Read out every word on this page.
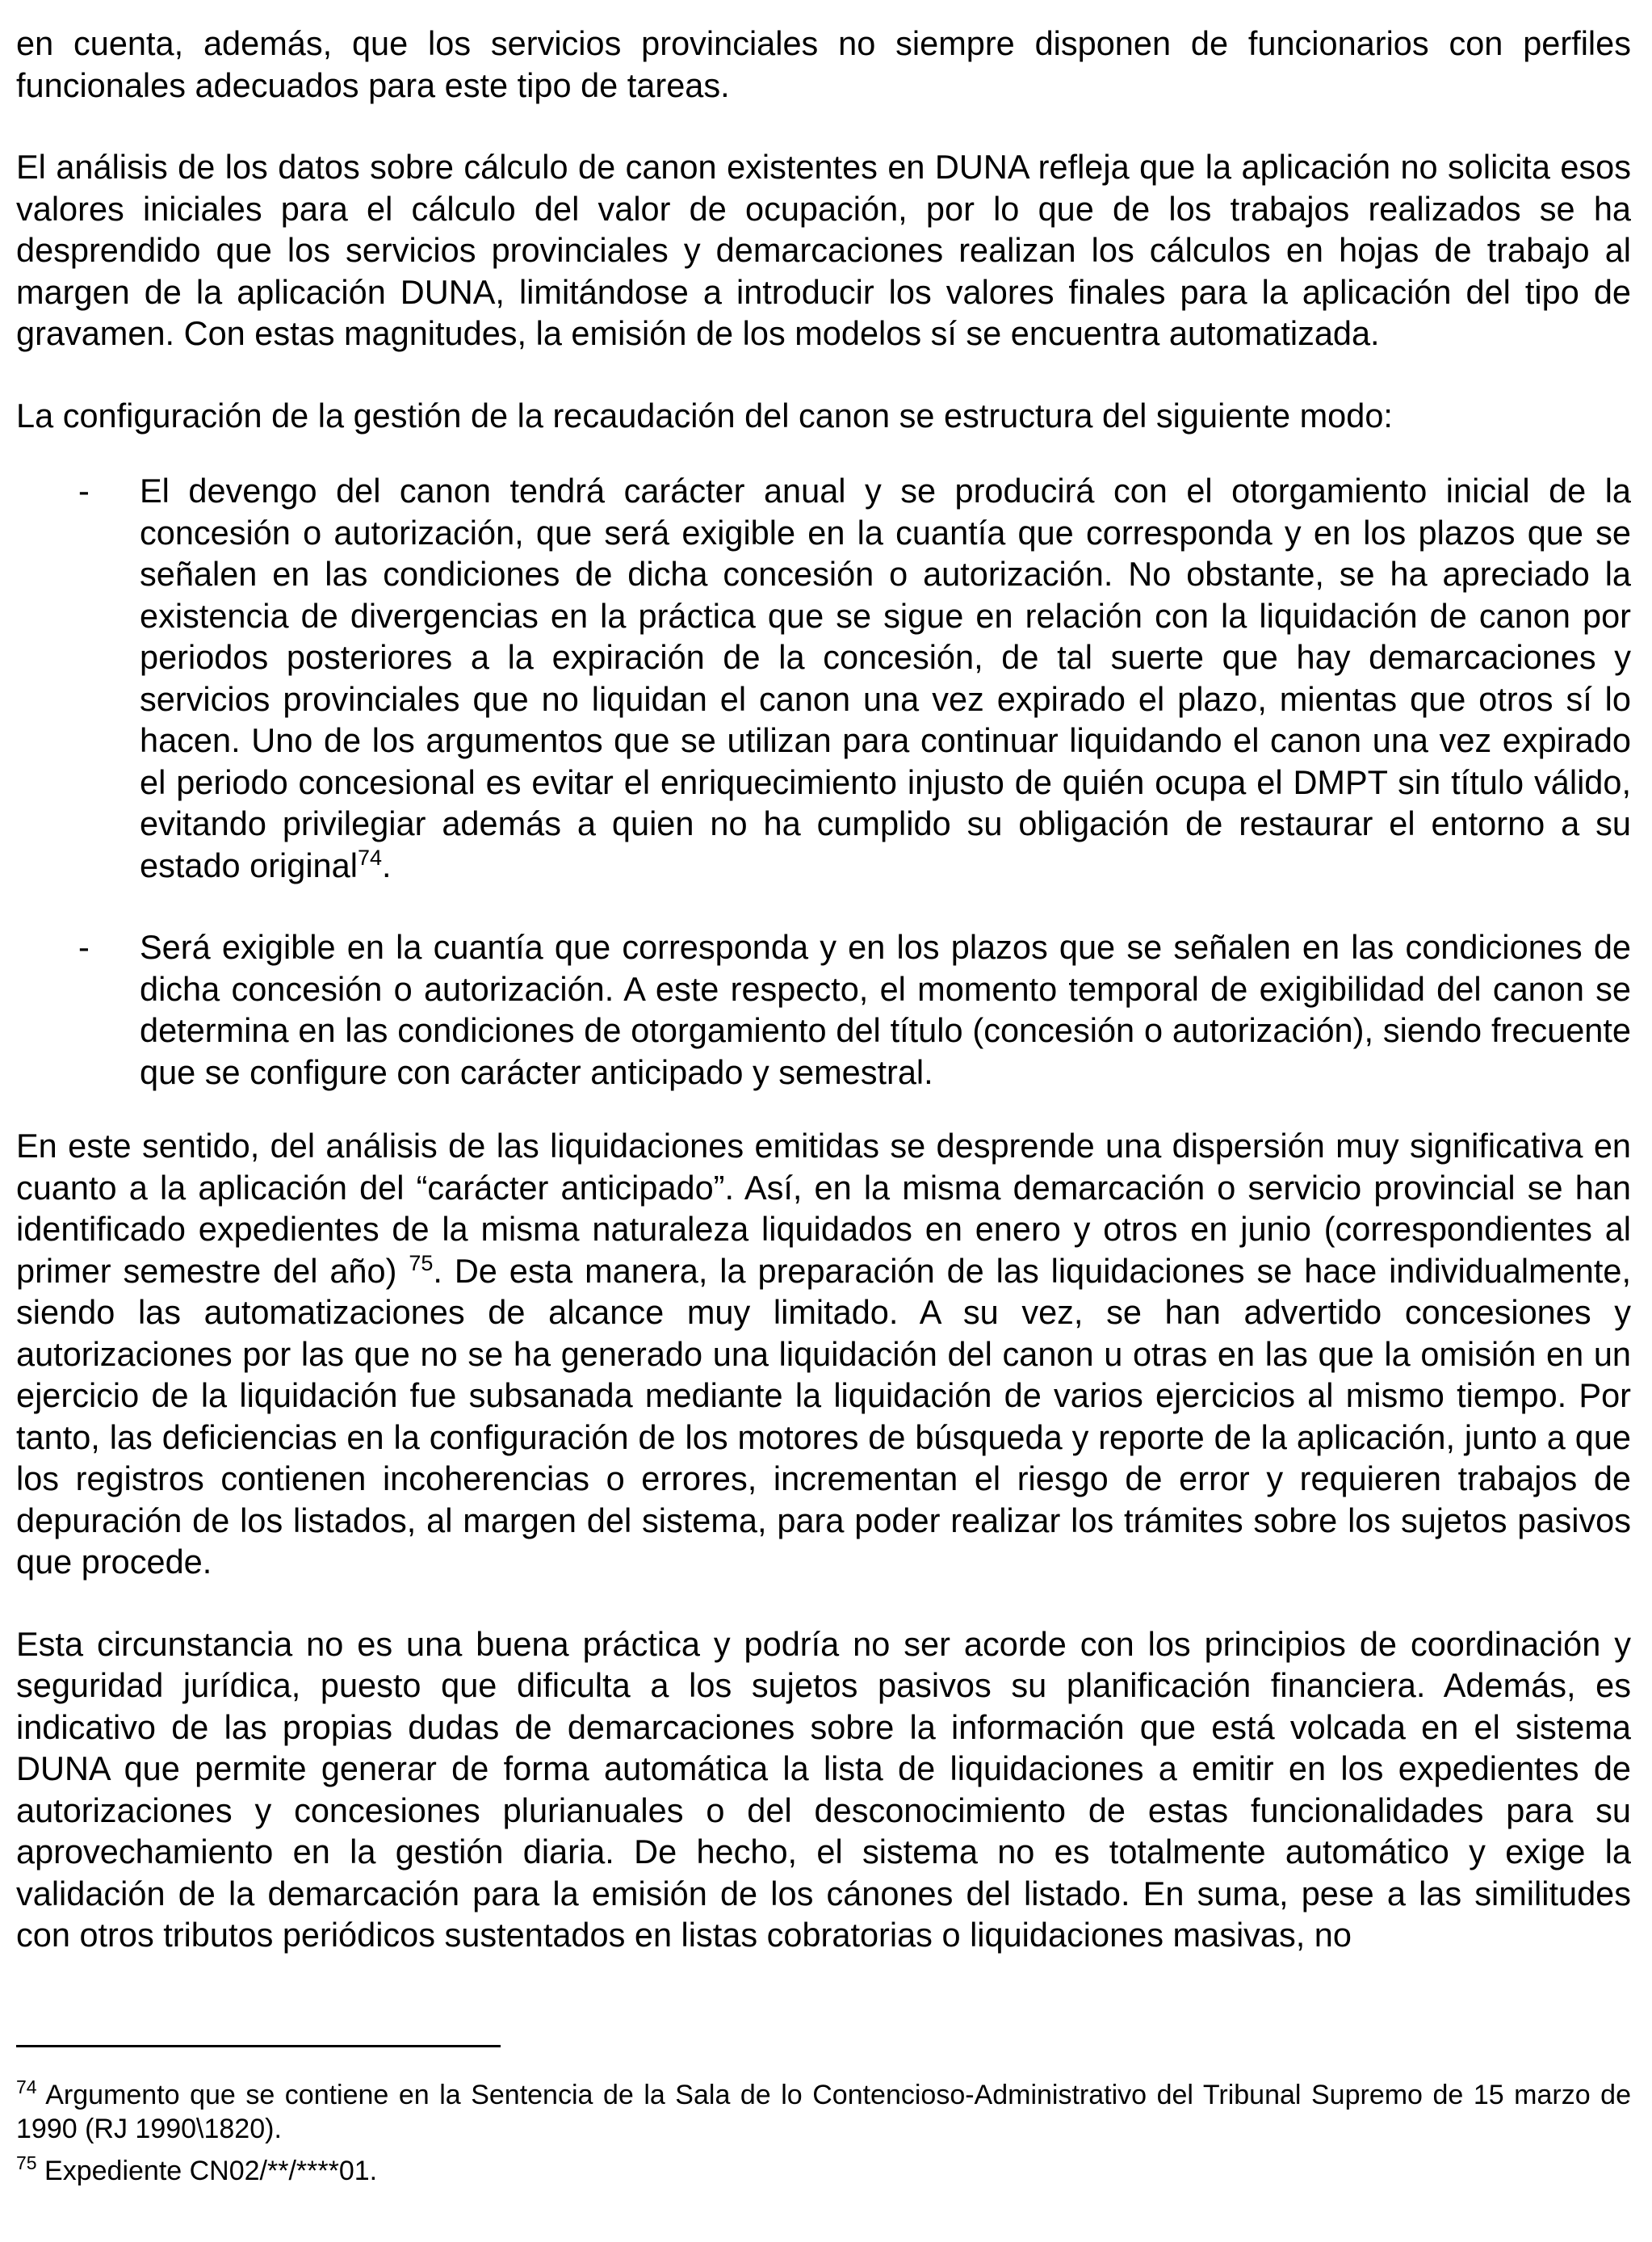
en cuenta, además, que los servicios provinciales no siempre disponen de funcionarios con perfiles funcionales adecuados para este tipo de tareas.

El análisis de los datos sobre cálculo de canon existentes en DUNA refleja que la aplicación no solicita esos valores iniciales para el cálculo del valor de ocupación, por lo que de los trabajos realizados se ha desprendido que los servicios provinciales y demarcaciones realizan los cálculos en hojas de trabajo al margen de la aplicación DUNA, limitándose a introducir los valores finales para la aplicación del tipo de gravamen. Con estas magnitudes, la emisión de los modelos sí se encuentra automatizada.

La configuración de la gestión de la recaudación del canon se estructura del siguiente modo:

- El devengo del canon tendrá carácter anual y se producirá con el otorgamiento inicial de la concesión o autorización, que será exigible en la cuantía que corresponda y en los plazos que se señalen en las condiciones de dicha concesión o autorización. No obstante, se ha apreciado la existencia de divergencias en la práctica que se sigue en relación con la liquidación de canon por periodos posteriores a la expiración de la concesión, de tal suerte que hay demarcaciones y servicios provinciales que no liquidan el canon una vez expirado el plazo, mientas que otros sí lo hacen. Uno de los argumentos que se utilizan para continuar liquidando el canon una vez expirado el periodo concesional es evitar el enriquecimiento injusto de quién ocupa el DMPT sin título válido, evitando privilegiar además a quien no ha cumplido su obligación de restaurar el entorno a su estado original$^{74}$.
- Será exigible en la cuantía que corresponda y en los plazos que se señalen en las condiciones de dicha concesión o autorización. A este respecto, el momento temporal de exigibilidad del canon se determina en las condiciones de otorgamiento del título (concesión o autorización), siendo frecuente que se configure con carácter anticipado y semestral.

En este sentido, del análisis de las liquidaciones emitidas se desprende una dispersión muy significativa en cuanto a la aplicación del “carácter anticipado”. Así, en la misma demarcación o servicio provincial se han identificado expedientes de la misma naturaleza liquidados en enero y otros en junio (correspondientes al primer semestre del año) $^{75}$. De esta manera, la preparación de las liquidaciones se hace individualmente, siendo las automatizaciones de alcance muy limitado. A su vez, se han advertido concesiones y autorizaciones por las que no se ha generado una liquidación del canon u otras en las que la omisión en un ejercicio de la liquidación fue subsanada mediante la liquidación de varios ejercicios al mismo tiempo. Por tanto, las deficiencias en la configuración de los motores de búsqueda y reporte de la aplicación, junto a que los registros contienen incoherencias o errores, incrementan el riesgo de error y requieren trabajos de depuración de los listados, al margen del sistema, para poder realizar los trámites sobre los sujetos pasivos que procede.

Esta circunstancia no es una buena práctica y podría no ser acorde con los principios de coordinación y seguridad jurídica, puesto que dificulta a los sujetos pasivos su planificación financiera. Además, es indicativo de las propias dudas de demarcaciones sobre la información que está volcada en el sistema DUNA que permite generar de forma automática la lista de liquidaciones a emitir en los expedientes de autorizaciones y concesiones plurianuales o del desconocimiento de estas funcionalidades para su aprovechamiento en la gestión diaria. De hecho, el sistema no es totalmente automático y exige la validación de la demarcación para la emisión de los cánones del listado. En suma, pese a las similitudes con otros tributos periódicos sustentados en listas cobratorias o liquidaciones masivas, no

$^{74}$ Argumento que se contiene en la Sentencia de la Sala de lo Contencioso-Administrativo del Tribunal Supremo de 15 marzo de 1990 (RJ 1990\1820).

$^{75}$ Expediente CN02/**/****01.
